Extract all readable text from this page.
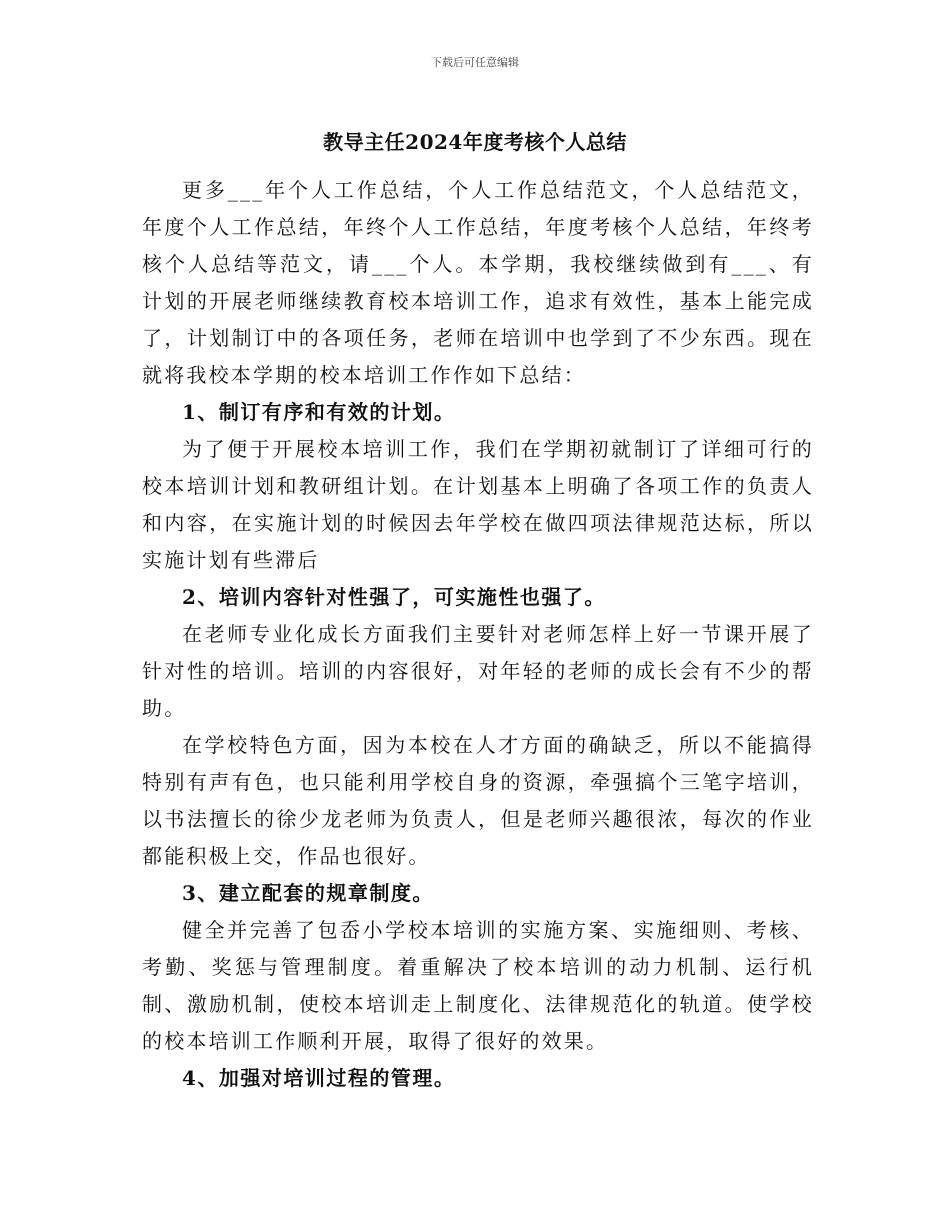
下载后可任意编辑
教导主任2024年度考核个人总结

更多___年个人工作总结，个人工作总结范文，个人总结范文，年度个人工作总结，年终个人工作总结，年度考核个人总结，年终考核个人总结等范文，请___个人。本学期，我校继续做到有___、有计划的开展老师继续教育校本培训工作，追求有效性，基本上能完成了，计划制订中的各项任务，老师在培训中也学到了不少东西。现在就将我校本学期的校本培训工作作如下总结：

1、制订有序和有效的计划。

为了便于开展校本培训工作，我们在学期初就制订了详细可行的校本培训计划和教研组计划。在计划基本上明确了各项工作的负责人和内容，在实施计划的时候因去年学校在做四项法律规范达标，所以实施计划有些滞后

2、培训内容针对性强了，可实施性也强了。

在老师专业化成长方面我们主要针对老师怎样上好一节课开展了针对性的培训。培训的内容很好，对年轻的老师的成长会有不少的帮助。

在学校特色方面，因为本校在人才方面的确缺乏，所以不能搞得特别有声有色，也只能利用学校自身的资源，牵强搞个三笔字培训，以书法擅长的徐少龙老师为负责人，但是老师兴趣很浓，每次的作业都能积极上交，作品也很好。

3、建立配套的规章制度。

健全并完善了包岙小学校本培训的实施方案、实施细则、考核、考勤、奖惩与管理制度。着重解决了校本培训的动力机制、运行机制、激励机制，使校本培训走上制度化、法律规范化的轨道。使学校的校本培训工作顺利开展，取得了很好的效果。

4、加强对培训过程的管理。
